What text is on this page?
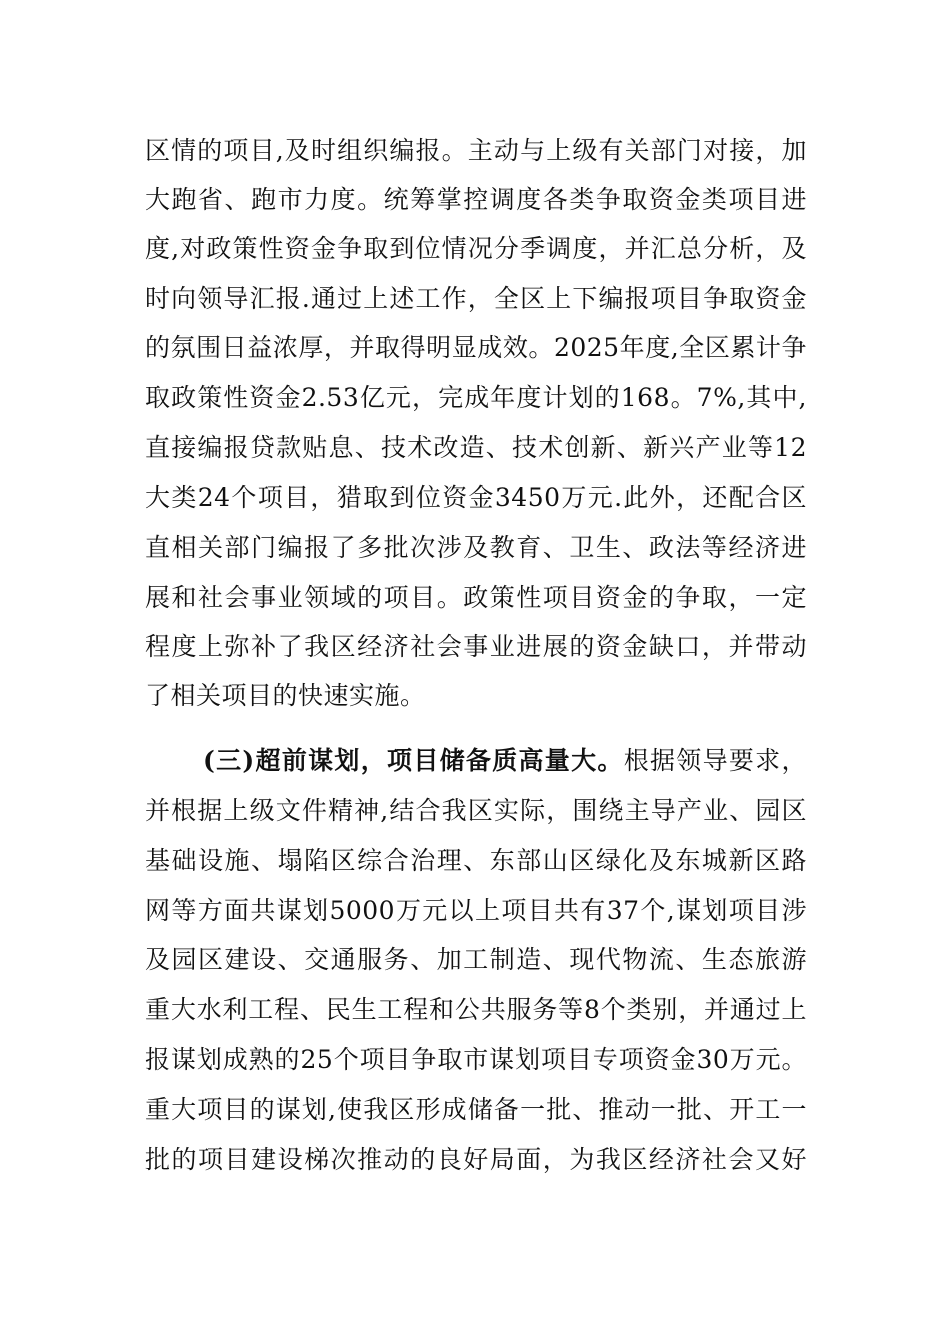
区情的项目,及时组织编报。主动与上级有关部门对接，加
大跑省、跑市力度。统筹掌控调度各类争取资金类项目进
度,对政策性资金争取到位情况分季调度，并汇总分析，及
时向领导汇报.通过上述工作，全区上下编报项目争取资金
的氛围日益浓厚，并取得明显成效。2025年度,全区累计争
取政策性资金2.53亿元，完成年度计划的168。7%,其中,
直接编报贷款贴息、技术改造、技术创新、新兴产业等12
大类24个项目，猎取到位资金3450万元.此外，还配合区
直相关部门编报了多批次涉及教育、卫生、政法等经济进
展和社会事业领域的项目。政策性项目资金的争取，一定
程度上弥补了我区经济社会事业进展的资金缺口，并带动
了相关项目的快速实施。
(三)超前谋划，项目储备质高量大。根据领导要求，
并根据上级文件精神,结合我区实际，围绕主导产业、园区
基础设施、塌陷区综合治理、东部山区绿化及东城新区路
网等方面共谋划5000万元以上项目共有37个,谋划项目涉
及园区建设、交通服务、加工制造、现代物流、生态旅游
重大水利工程、民生工程和公共服务等8个类别，并通过上
报谋划成熟的25个项目争取市谋划项目专项资金30万元。
重大项目的谋划,使我区形成储备一批、推动一批、开工一
批的项目建设梯次推动的良好局面，为我区经济社会又好
